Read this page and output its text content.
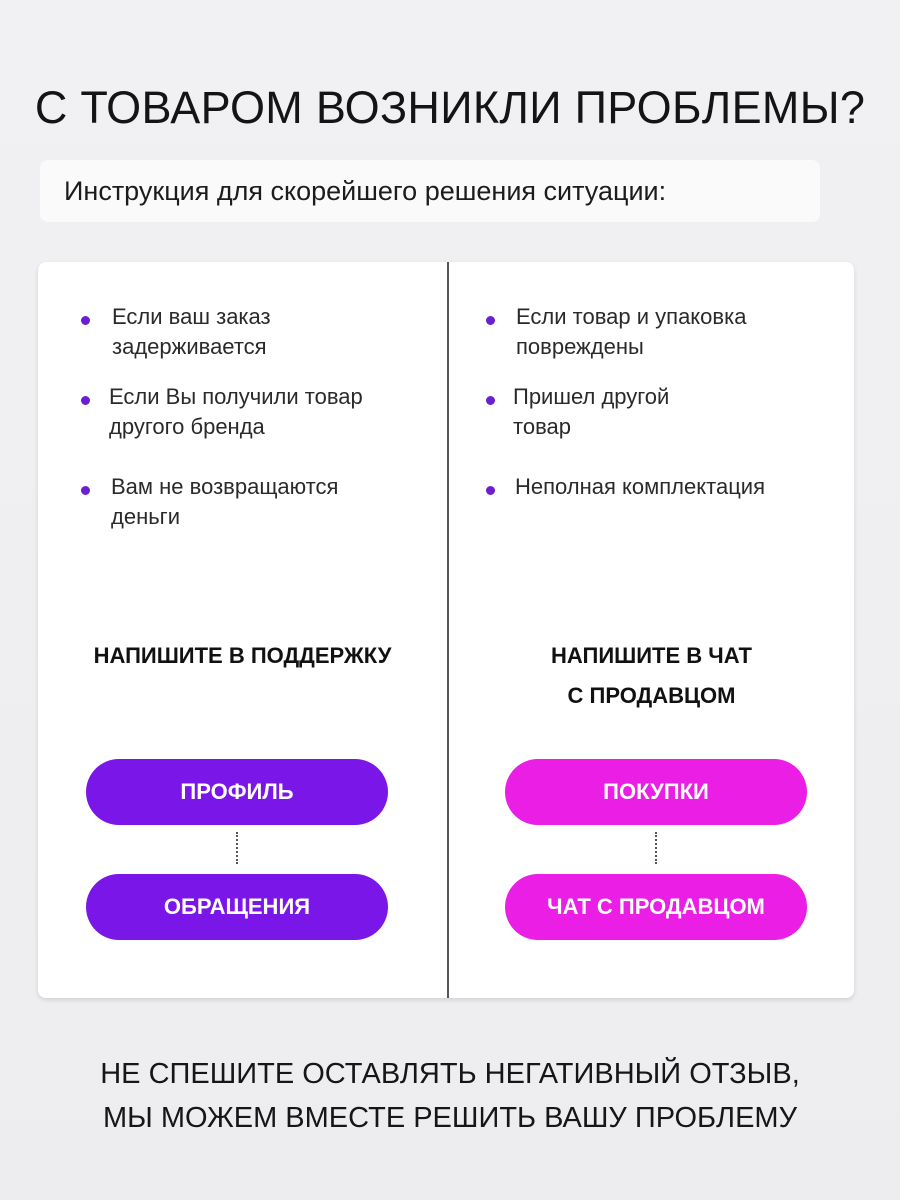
С ТОВАРОМ ВОЗНИКЛИ ПРОБЛЕМЫ?
Инструкция для скорейшего решения ситуации:
Если ваш заказ
задерживается
Если Вы получили товар
другого бренда
Вам не возвращаются
деньги
Если товар и упаковка
повреждены
Пришел другой
товар
Неполная комплектация
НАПИШИТЕ В ПОДДЕРЖКУ	НАПИШИТЕ В ЧАТ
С ПРОДАВЦОМ
ПРОФИЛЬ
ОБРАЩЕНИЯ
ПОКУПКИ
ЧАТ С ПРОДАВЦОМ
НЕ СПЕШИТЕ ОСТАВЛЯТЬ НЕГАТИВНЫЙ ОТЗЫВ,
МЫ МОЖЕМ ВМЕСТЕ РЕШИТЬ ВАШУ ПРОБЛЕМУ
